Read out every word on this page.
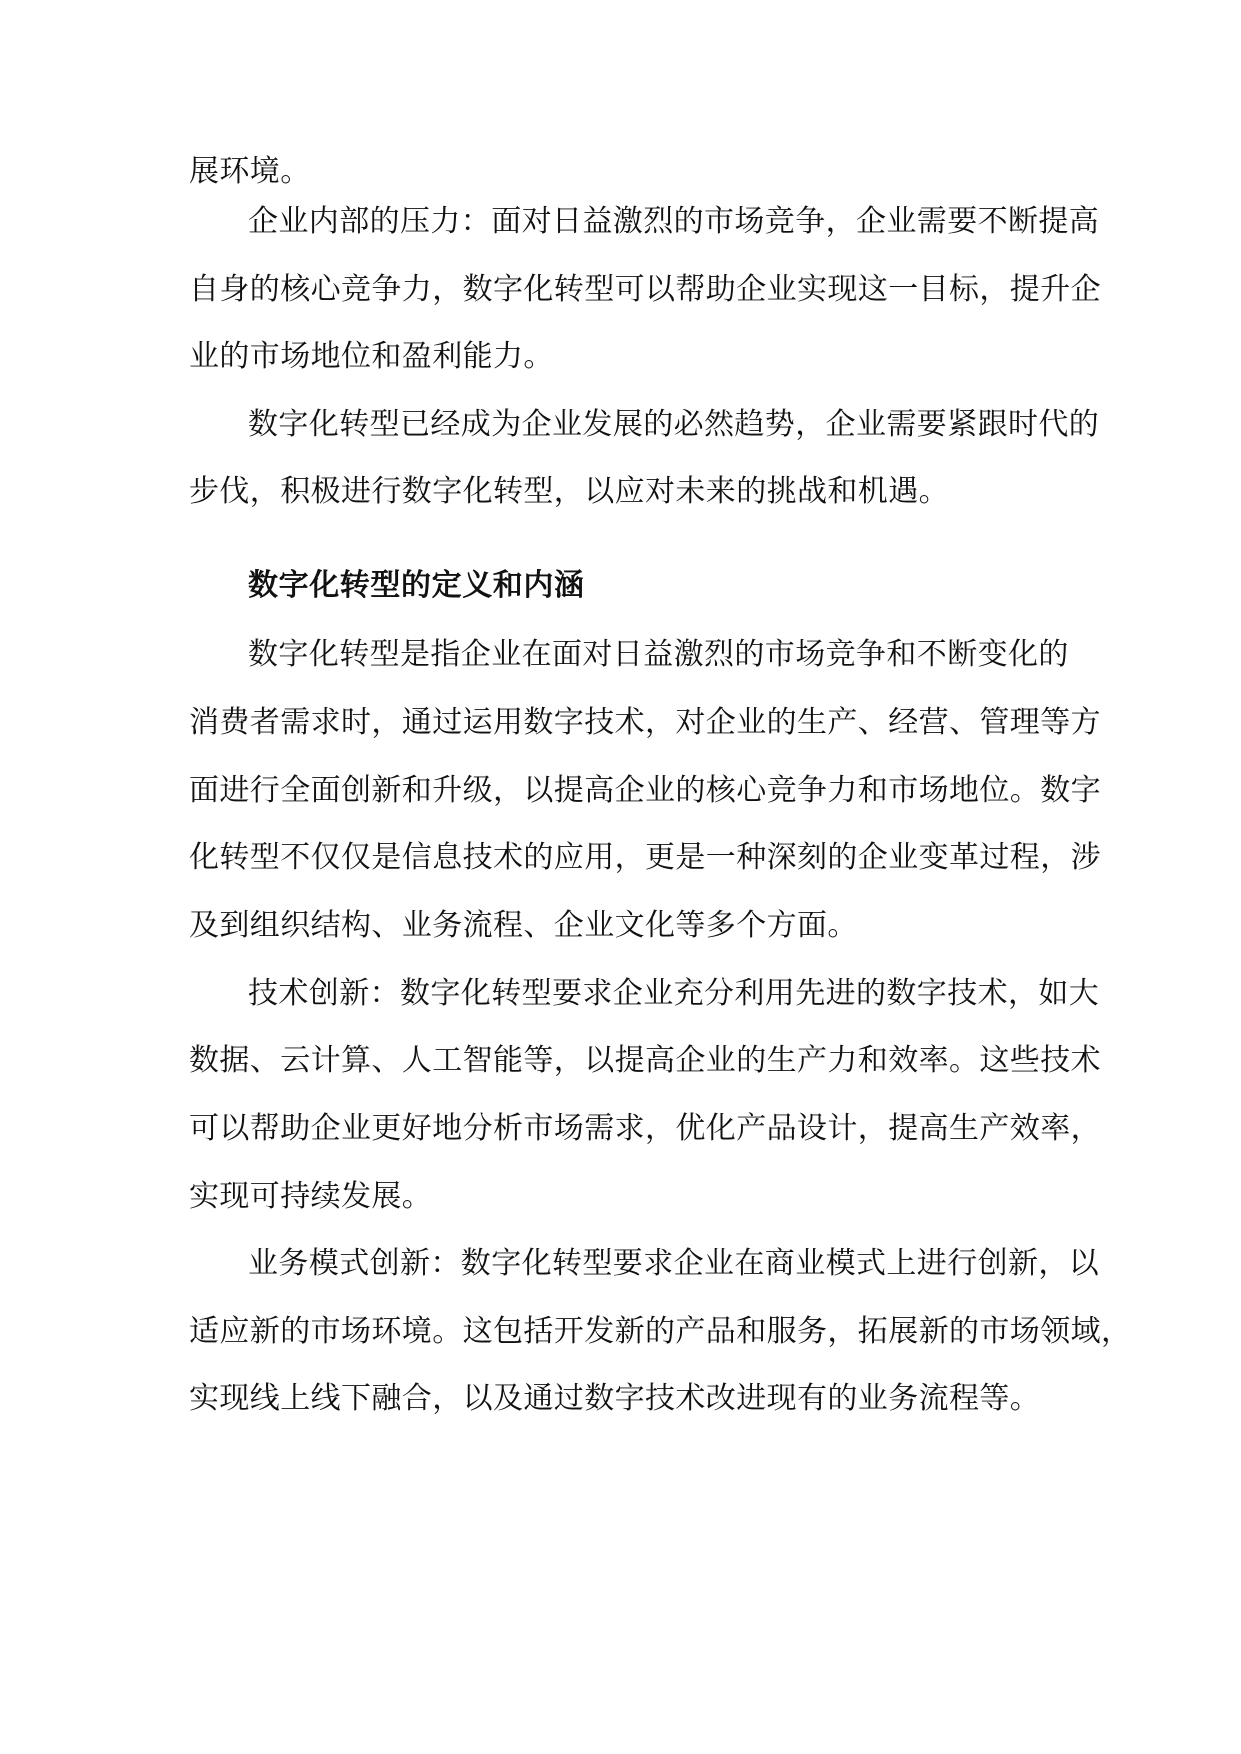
展环境。
企业内部的压力：面对日益激烈的市场竞争，企业需要不断提高
自身的核心竞争力，数字化转型可以帮助企业实现这一目标，提升企
业的市场地位和盈利能力。
数字化转型已经成为企业发展的必然趋势，企业需要紧跟时代的
步伐，积极进行数字化转型，以应对未来的挑战和机遇。
数字化转型的定义和内涵
数字化转型是指企业在面对日益激烈的市场竞争和不断变化的
消费者需求时，通过运用数字技术，对企业的生产、经营、管理等方
面进行全面创新和升级，以提高企业的核心竞争力和市场地位。数字
化转型不仅仅是信息技术的应用，更是一种深刻的企业变革过程，涉
及到组织结构、业务流程、企业文化等多个方面。
技术创新：数字化转型要求企业充分利用先进的数字技术，如大
数据、云计算、人工智能等，以提高企业的生产力和效率。这些技术
可以帮助企业更好地分析市场需求，优化产品设计，提高生产效率，
实现可持续发展。
业务模式创新：数字化转型要求企业在商业模式上进行创新，以
适应新的市场环境。这包括开发新的产品和服务，拓展新的市场领域，
实现线上线下融合，以及通过数字技术改进现有的业务流程等。
